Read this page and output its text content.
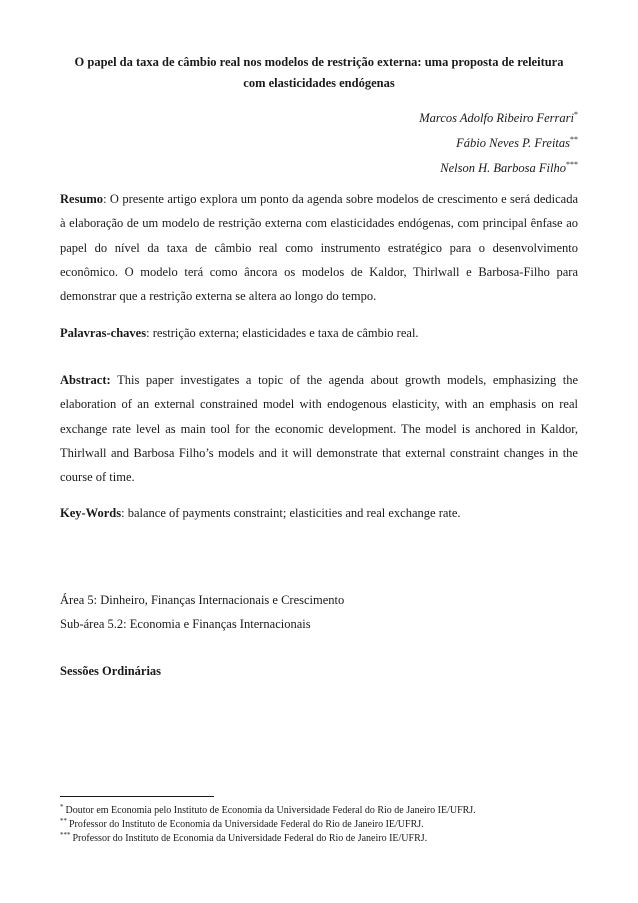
O papel da taxa de câmbio real nos modelos de restrição externa: uma proposta de releitura
com elasticidades endógenas
Marcos Adolfo Ribeiro Ferrari*
Fábio Neves P. Freitas**
Nelson H. Barbosa Filho***
Resumo: O presente artigo explora um ponto da agenda sobre modelos de crescimento e será dedicada à elaboração de um modelo de restrição externa com elasticidades endógenas, com principal ênfase ao papel do nível da taxa de câmbio real como instrumento estratégico para o desenvolvimento econômico. O modelo terá como âncora os modelos de Kaldor, Thirlwall e Barbosa-Filho para demonstrar que a restrição externa se altera ao longo do tempo.
Palavras-chaves: restrição externa; elasticidades e taxa de câmbio real.
Abstract: This paper investigates a topic of the agenda about growth models, emphasizing the elaboration of an external constrained model with endogenous elasticity, with an emphasis on real exchange rate level as main tool for the economic development. The model is anchored in Kaldor, Thirlwall and Barbosa Filho’s models and it will demonstrate that external constraint changes in the course of time.
Key-Words: balance of payments constraint; elasticities and real exchange rate.
Área 5: Dinheiro, Finanças Internacionais e Crescimento
Sub-área 5.2: Economia e Finanças Internacionais
Sessões Ordinárias
* Doutor em Economia pelo Instituto de Economia da Universidade Federal do Rio de Janeiro IE/UFRJ.
** Professor do Instituto de Economia da Universidade Federal do Rio de Janeiro IE/UFRJ.
*** Professor do Instituto de Economia da Universidade Federal do Rio de Janeiro IE/UFRJ.
